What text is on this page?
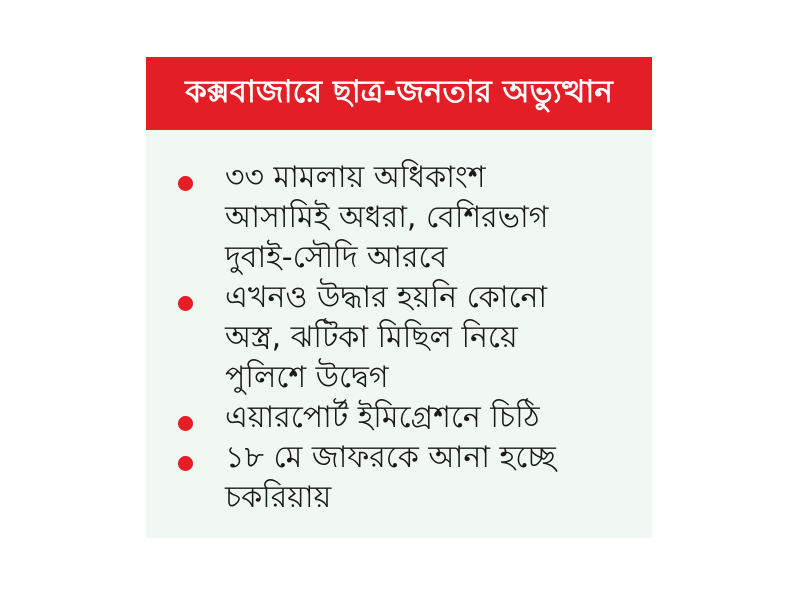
কক্সবাজারে ছাত্র-জনতার অভ্যুত্থান
৩৩ মামলায় অধিকাংশ
আসামিই অধরা, বেশিরভাগ
দুবাই-সৌদি আরবে
এখনও উদ্ধার হয়নি কোনো
অস্ত্র, ঝটিকা মিছিল নিয়ে
পুলিশে উদ্বেগ
এয়ারপোর্ট ইমিগ্রেশনে চিঠি
১৮ মে জাফরকে আনা হচ্ছে
চকরিয়ায়
